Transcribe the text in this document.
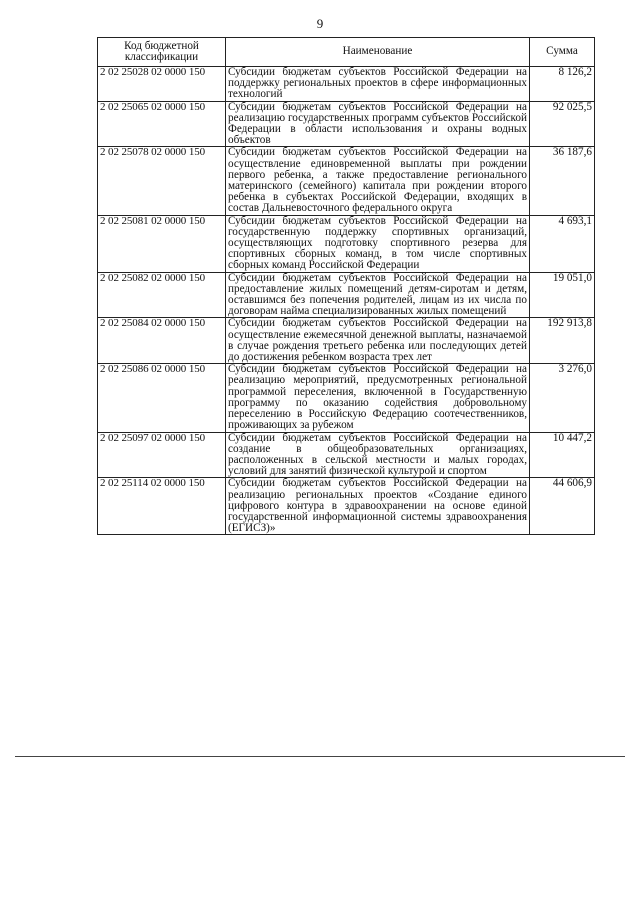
9
Код бюджетной классификации	Наименование	Сумма
2 02 25028 02 0000 150	Субсидии бюджетам субъектов Российской Федерации на поддержку региональных проектов в сфере информационных технологий	8 126,2
2 02 25065 02 0000 150	Субсидии бюджетам субъектов Российской Федерации на реализацию государственных программ субъектов Российской Федерации в области использования и охраны водных объектов	92 025,5
2 02 25078 02 0000 150	Субсидии бюджетам субъектов Российской Федерации на осуществление единовременной выплаты при рождении первого ребенка, а также предоставление регионального материнского (семейного) капитала при рождении второго ребенка в субъектах Российской Федерации, входящих в состав Дальневосточного федерального округа	36 187,6
2 02 25081 02 0000 150	Субсидии бюджетам субъектов Российской Федерации на государственную поддержку спортивных организаций, осуществляющих подготовку спортивного резерва для спортивных сборных команд, в том числе спортивных сборных команд Российской Федерации	4 693,1
2 02 25082 02 0000 150	Субсидии бюджетам субъектов Российской Федерации на предоставление жилых помещений детям-сиротам и детям, оставшимся без попечения родителей, лицам из их числа по договорам найма специализированных жилых помещений	19 051,0
2 02 25084 02 0000 150	Субсидии бюджетам субъектов Российской Федерации на осуществление ежемесячной денежной выплаты, назначаемой в случае рождения третьего ребенка или последующих детей до достижения ребенком возраста трех лет	192 913,8
2 02 25086 02 0000 150	Субсидии бюджетам субъектов Российской Федерации на реализацию мероприятий, предусмотренных региональной программой переселения, включенной в Государственную программу по оказанию содействия добровольному переселению в Российскую Федерацию соотечественников, проживающих за рубежом	3 276,0
2 02 25097 02 0000 150	Субсидии бюджетам субъектов Российской Федерации на создание в общеобразовательных организациях, расположенных в сельской местности и малых городах, условий для занятий физической культурой и спортом	10 447,2
2 02 25114 02 0000 150	Субсидии бюджетам субъектов Российской Федерации на реализацию региональных проектов «Создание единого цифрового контура в здравоохранении на основе единой государственной информационной системы здравоохранения (ЕГИСЗ)»	44 606,9
